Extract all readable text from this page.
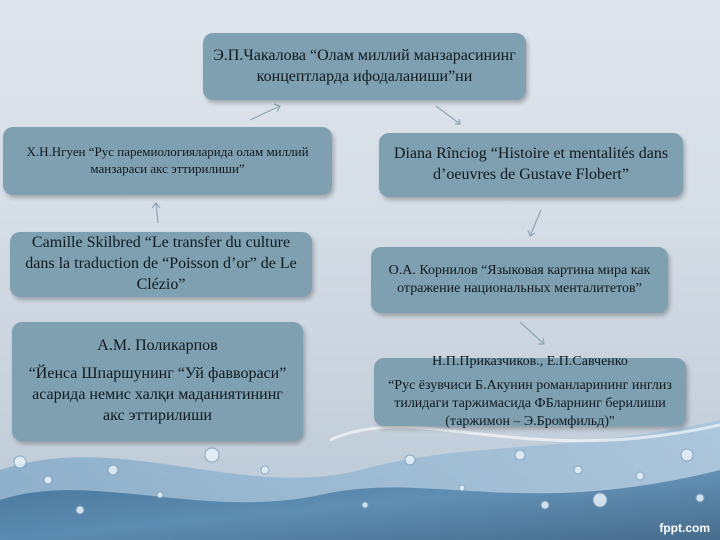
Э.П.Чакалова “Олам миллий манзарасининг концептларда ифодаланиши”ни
Х.Н.Нгуен “Рус паремиологияларида олам миллий манзараси акс эттирилиши”
Diana Rînciog “Histoire et mentalités dans d’oeuvres de Gustave Flobert”
Camille Skilbred “Le transfer du culture dans la traduction de “Poisson d’or” de Le Clézio”
О.А. Корнилов “Языковая картина мира как отражение национальных менталитетов”
А.М. Поликарпов
“Йенса Шпаршунинг “Уй фаввораси” асарида немис халқи маданиятининг акс эттирилиши
Н.П.Приказчиков., Е.П.Савченко
“Рус ёзувчиси Б.Акунин романларининг инглиз тилидаги таржимасида ФБларнинг берилиши (таржимон – Э.Бромфильд)"
fppt.com
